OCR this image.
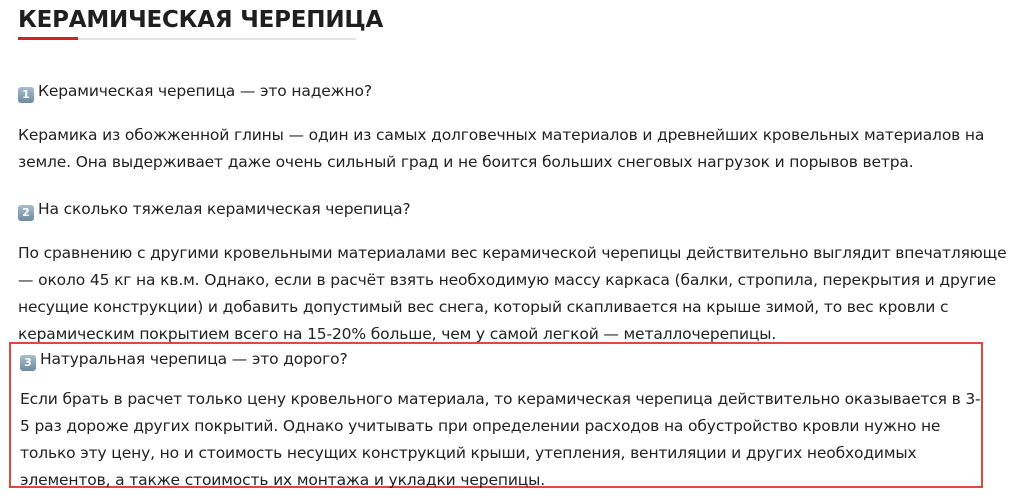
КЕРАМИЧЕСКАЯ ЧЕРЕПИЦА

1 Керамическая черепица — это надежно?

Керамика из обожженной глины — один из самых долговечных материалов и древнейших кровельных материалов на земле. Она выдерживает даже очень сильный град и не боится больших снеговых нагрузок и порывов ветра.

2 На сколько тяжелая керамическая черепица?

По сравнению с другими кровельными материалами вес керамической черепицы действительно выглядит впечатляюще — около 45 кг на кв.м. Однако, если в расчёт взять необходимую массу каркаса (балки, стропила, перекрытия и другие несущие конструкции) и добавить допустимый вес снега, который скапливается на крыше зимой, то вес кровли с керамическим покрытием всего на 15-20% больше, чем у самой легкой — металлочерепицы.

3 Натуральная черепица — это дорого?

Если брать в расчет только цену кровельного материала, то керамическая черепица действительно оказывается в 3-5 раз дороже других покрытий. Однако учитывать при определении расходов на обустройство кровли нужно не только эту цену, но и стоимость несущих конструкций крыши, утепления, вентиляции и других необходимых элементов, а также стоимость их монтажа и укладки черепицы.
